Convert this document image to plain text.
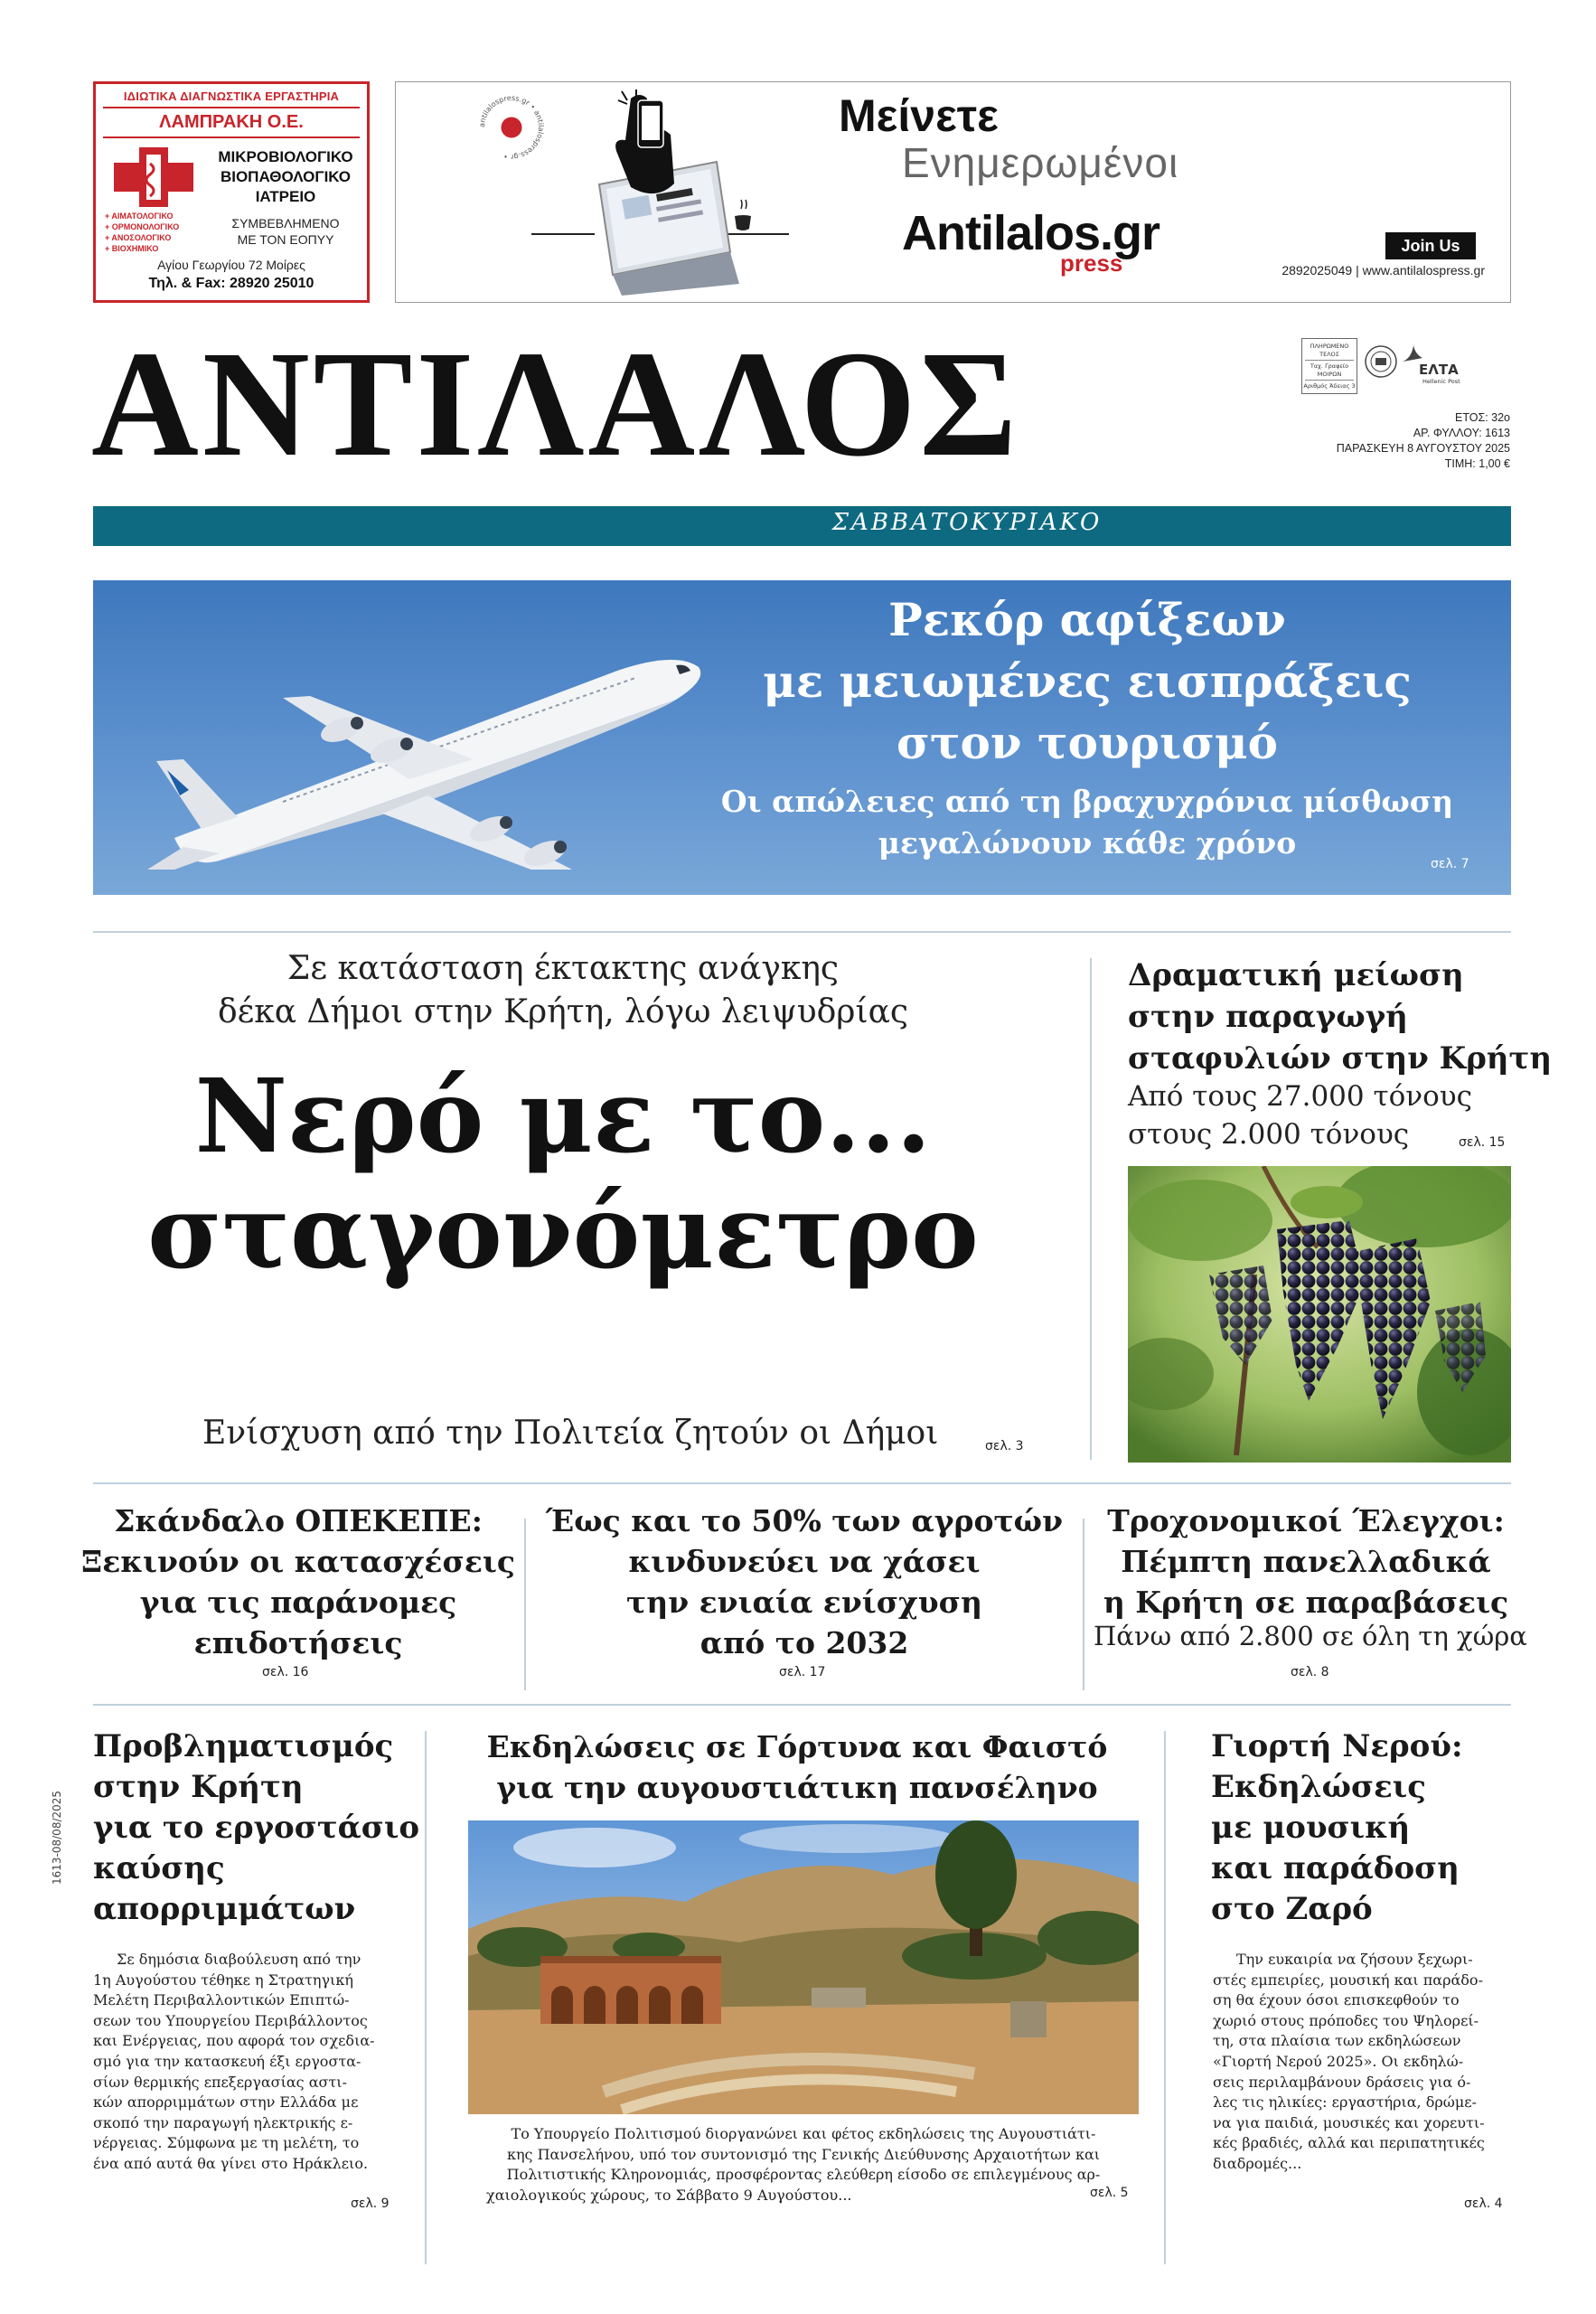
ΙΔΙΩΤΙΚΑ ΔΙΑΓΝΩΣΤΙΚΑ ΕΡΓΑΣΤΗΡΙΑ
ΛΑΜΠΡΑΚΗ Ο.Ε.
ΜΙΚΡΟΒΙΟΛΟΓΙΚΟ
ΒΙΟΠΑΘΟΛΟΓΙΚΟ
ΙΑΤΡΕΙΟ
+ ΑΙΜΑΤΟΛΟΓΙΚΟ
+ ΟΡΜΟΝΟΛΟΓΙΚΟ
+ ΑΝΟΣΟΛΟΓΙΚΟ
+ ΒΙΟΧΗΜΙΚΟ
ΣΥΜΒΕΒΛΗΜΕΝΟ
ΜΕ ΤΟΝ ΕΟΠΥΥ
Αγίου Γεωργίου 72 Μοίρες
Τηλ. & Fax: 28920 25010
antilalospress.gr • antilalospress.gr •
Μείνετε
Ενημερωμένοι
Antilalos.gr
press
Join Us
2892025049 | www.antilalospress.gr
ΑΝΤΙΛΑΛΟΣ	ΠΛΗΡΩΜΕΝΟ ΤΕΛΟΣ
Ταχ. Γραφείο ΜΟΙΡΩΝ
Αριθμός Άδειας 3
ΕΛΤΑ
Hellenic Post
ΕΤΟΣ: 32ο
ΑΡ. ΦΥΛΛΟΥ: 1613
ΠΑΡΑΣΚΕΥΗ 8 ΑΥΓΟΥΣΤΟΥ 2025
ΤΙΜΗ: 1,00 €
ΣΑΒΒΑΤΟΚΥΡΙΑΚΟ
Ρεκόρ αφίξεων
με μειωμένες εισπράξεις
στον τουρισμό
Οι απώλειες από τη βραχυχρόνια μίσθωση
μεγαλώνουν κάθε χρόνο
σελ. 7
Σε κατάσταση έκτακτης ανάγκης
δέκα Δήμοι στην Κρήτη, λόγω λειψυδρίας
Νερό με το...
σταγονόμετρο
Ενίσχυση από την Πολιτεία ζητούν οι Δήμοι	σελ. 3
Δραματική μείωση
στην παραγωγή
σταφυλιών στην Κρήτη
Από τους 27.000 τόνους
στους 2.000 τόνους	σελ. 15
Σκάνδαλο ΟΠΕΚΕΠΕ:
Ξεκινούν οι κατασχέσεις
για τις παράνομες
επιδοτήσεις
σελ. 16
Έως και το 50% των αγροτών
κινδυνεύει να χάσει
την ενιαία ενίσχυση
από το 2032
σελ. 17
Τροχονομικοί Έλεγχοι:
Πέμπτη πανελλαδικά
η Κρήτη σε παραβάσεις
Πάνω από 2.800 σε όλη τη χώρα
σελ. 8
1613-08/08/2025
Προβληματισμός
στην Κρήτη
για το εργοστάσιο
καύσης
απορριμμάτων
Σε δημόσια διαβούλευση από την
1η Αυγούστου τέθηκε η Στρατηγική
Μελέτη Περιβαλλοντικών Επιπτώ-
σεων του Υπουργείου Περιβάλλοντος
και Ενέργειας, που αφορά τον σχεδια-
σμό για την κατασκευή έξι εργοστα-
σίων θερμικής επεξεργασίας αστι-
κών απορριμμάτων στην Ελλάδα με
σκοπό την παραγωγή ηλεκτρικής ε-
νέργειας. Σύμφωνα με τη μελέτη, το
ένα από αυτά θα γίνει στο Ηράκλειο.
σελ. 9
Εκδηλώσεις σε Γόρτυνα και Φαιστό
για την αυγουστιάτικη πανσέληνο
Το Υπουργείο Πολιτισμού διοργανώνει και φέτος εκδηλώσεις της Αυγουστιάτι-
κης Πανσελήνου, υπό τον συντονισμό της Γενικής Διεύθυνσης Αρχαιοτήτων και
Πολιτιστικής Κληρονομιάς, προσφέροντας ελεύθερη είσοδο σε επιλεγμένους αρ-
χαιολογικούς χώρους, το Σάββατο 9 Αυγούστου...	σελ. 5
Γιορτή Νερού:
Εκδηλώσεις
με μουσική
και παράδοση
στο Ζαρό
Την ευκαιρία να ζήσουν ξεχωρι-
στές εμπειρίες, μουσική και παράδο-
ση θα έχουν όσοι επισκεφθούν το
χωριό στους πρόποδες του Ψηλορεί-
τη, στα πλαίσια των εκδηλώσεων
«Γιορτή Νερού 2025». Οι εκδηλώ-
σεις περιλαμβάνουν δράσεις για ό-
λες τις ηλικίες: εργαστήρια, δρώμε-
να για παιδιά, μουσικές και χορευτι-
κές βραδιές, αλλά και περιπατητικές
διαδρομές...
σελ. 4
